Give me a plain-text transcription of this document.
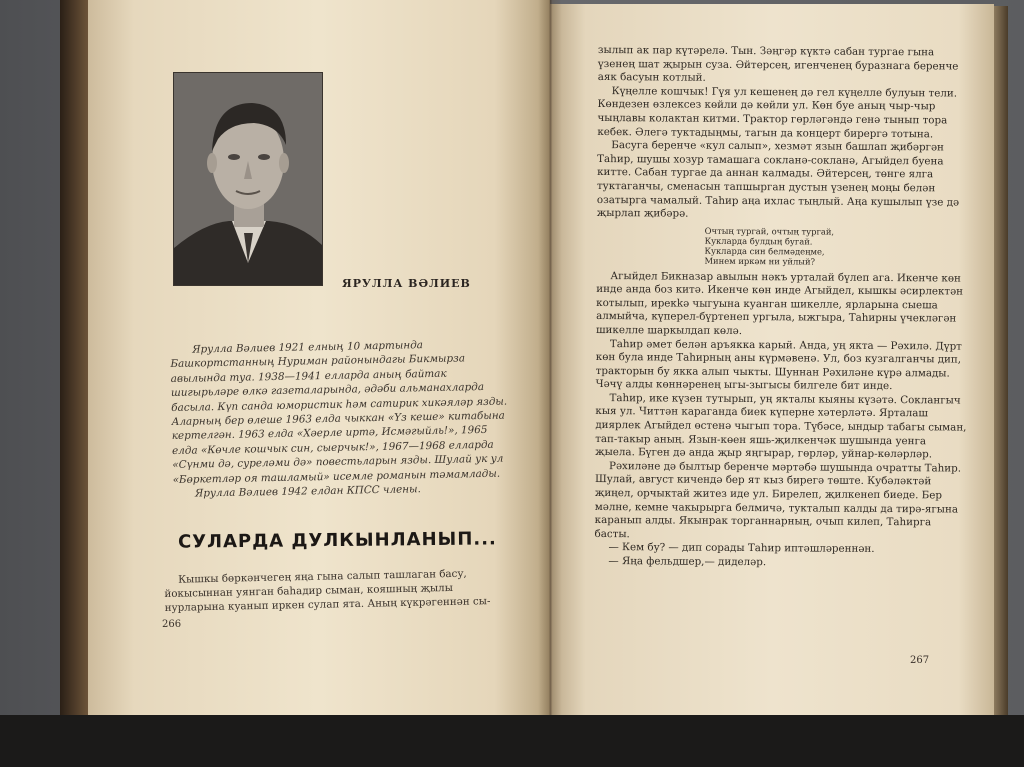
ЯРУЛЛА ВӘЛИЕВ

Ярулла Вәлиев 1921 елның 10 мартында Башкортстанның Нуриман районындагы Бикмырза авылында туа. 1938—1941 елларда аның байтак шигырьләре өлкә газеталарында, әдәби альманахларда басыла. Күп санда юмористик һәм сатирик хикәяләр язды. Аларның бер өлеше 1963 елда чыккан «Үз кеше» китабына кертелгән. 1963 елда «Хәерле иртә, Исмәгыйль!», 1965 елда «Көчле кошчык син, сыерчык!», 1967—1968 елларда «Сүнми дә, суреләми дә» повестьларын язды. Шулай ук ул «Бөркетләр оя ташламый» исемле романын тәмамлады.

Ярулла Вәлиев 1942 елдан КПСС члены.

СУЛАРДА ДУЛКЫНЛАНЫП...

Кышкы бөркәнчегең яңа гына салып ташлаган басу, йокысыннан уянган баһадир сыман, кояшның җылы нурларына куанып иркен сулап ята. Аның күкрәгеннән сы-

266

зылып ак пар күтәрелә. Тын. Зәңгәр күктә сабан тургае гына үзенең шат җырын суза. Әйтерсең, игенченең буразнага беренче аяк басуын котлый.

Күңелле кошчык! Гүя ул кешенең дә гел күңелле булуын тели. Көндезен өзлексез көйли дә көйли ул. Көн буе аның чыр-чыр чыңлавы колактан китми. Трактор гөрләгәндә генә тынып тора кебек. Әлегә туктадыңмы, тагын да концерт бирергә тотына.

Басуга беренче «кул салып», хезмәт язын башлап җибәргән Таһир, шушы хозур тамашага сокланә-сокланә, Агыйдел буена китте. Сабан тургае да аннан калмады. Әйтерсең, төнге ялга туктаганчы, сменасын тапшырган дустын үзенең моңы белән озатырга чамалый. Таһир аңа ихлас тыңлый. Аңа кушылып үзе дә җырлап җибәрә.

Очтың тургай, очтың тургай,
Кукларда булдың бугай.
Кукларда син белмәдеңме,
Минем иркәм ни уйлый?

Агыйдел Бикназар авылын нәкъ урталай бүлеп ага. Икенче көн инде анда боз китә. Икенче көн инде Агыйдел, кышкы әсирлектән котылып, ирекkә чыгуына куанган шикелле, ярларына сыеша алмыйча, күперел-бүртенеп ургыла, ыжгыра, Таһирны үчекләгән шикелле шаркылдап көлә.

Таһир әмет белән аръякка карый. Анда, уң якта — Рәхилә. Дүрт көн була инде Таһирның аны күрмәвенә. Ул, боз кузгалганчы дип, тракторын бу якка алып чыкты. Шуннан Рәхиләне күрә алмады. Чәчү алды көннәренең ыгы-зыгысы билгеле бит инде.

Таһир, ике күзен тутырып, уң якталы кыяны күзәтә. Соклангыч кыя ул. Читтән карагандa биек күперне хәтерләтә. Ярталаш диярлек Агыйдел өстенә чыгып тора. Түбәсе, ындыр табагы сыман, тап-такыр аның. Язын-көен яшь-җилкенчәк шушында уенга җыела. Бүген дә анда җыр яңгырар, гөрләр, уйнар-көләрләр.

Рәхиләне дә былтыр беренче мәртәбә шушында очратты Таһир. Шулай, август кичендә бер ят кыз бирегә төште. Кубәләктәй җиңел, орчыктай житез иде ул. Бирелеп, җилкенеп биеде. Бер мәлне, кемне чакырырга белмичә, тукталып калды да тирә-ягына каранып алды. Якынрак торганнарның, очып килеп, Таһирга басты.

— Кем бу? — дип сорады Таһир иптәшләреннән.

— Яңа фельдшер,— диделәр.

267
